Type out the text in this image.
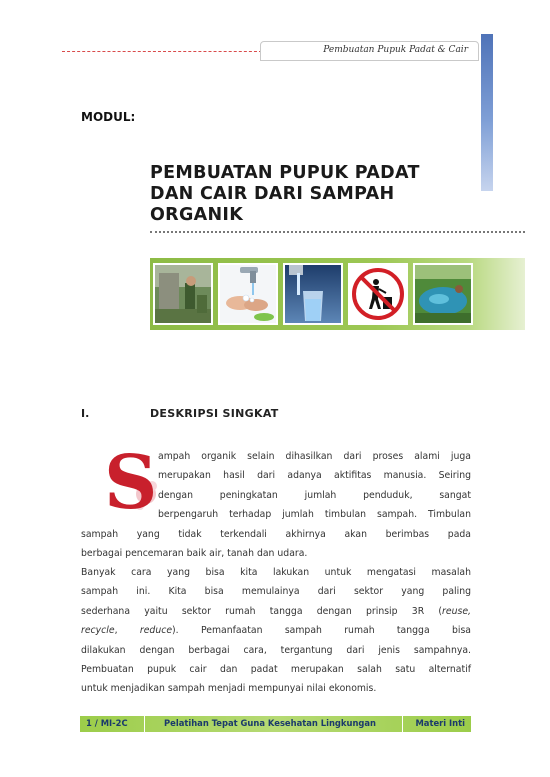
Pembuatan Pupuk Padat & Cair
MODUL:
PEMBUATAN PUPUK PADAT
DAN CAIR DARI SAMPAH
ORGANIK
I.	DESKRIPSI SINGKAT
S ampah organik selain dihasilkan dari proses alami juga
merupakan hasil dari adanya aktifitas manusia. Seiring
dengan peningkatan jumlah penduduk, sangat
berpengaruh terhadap jumlah timbulan sampah. Timbulan
sampah yang tidak terkendali akhirnya akan berimbas pada
berbagai pencemaran baik air, tanah dan udara.
Banyak cara yang bisa kita lakukan untuk mengatasi masalah
sampah ini. Kita bisa memulainya dari sektor yang paling
sederhana yaitu sektor rumah tangga dengan prinsip 3R (reuse,
recycle, reduce). Pemanfaatan sampah rumah tangga bisa
dilakukan dengan berbagai cara, tergantung dari jenis sampahnya.
Pembuatan pupuk cair dan padat merupakan salah satu alternatif
untuk menjadikan sampah menjadi mempunyai nilai ekonomis.
1 / MI-2C	Pelatihan Tepat Guna Kesehatan Lingkungan	Materi Inti
